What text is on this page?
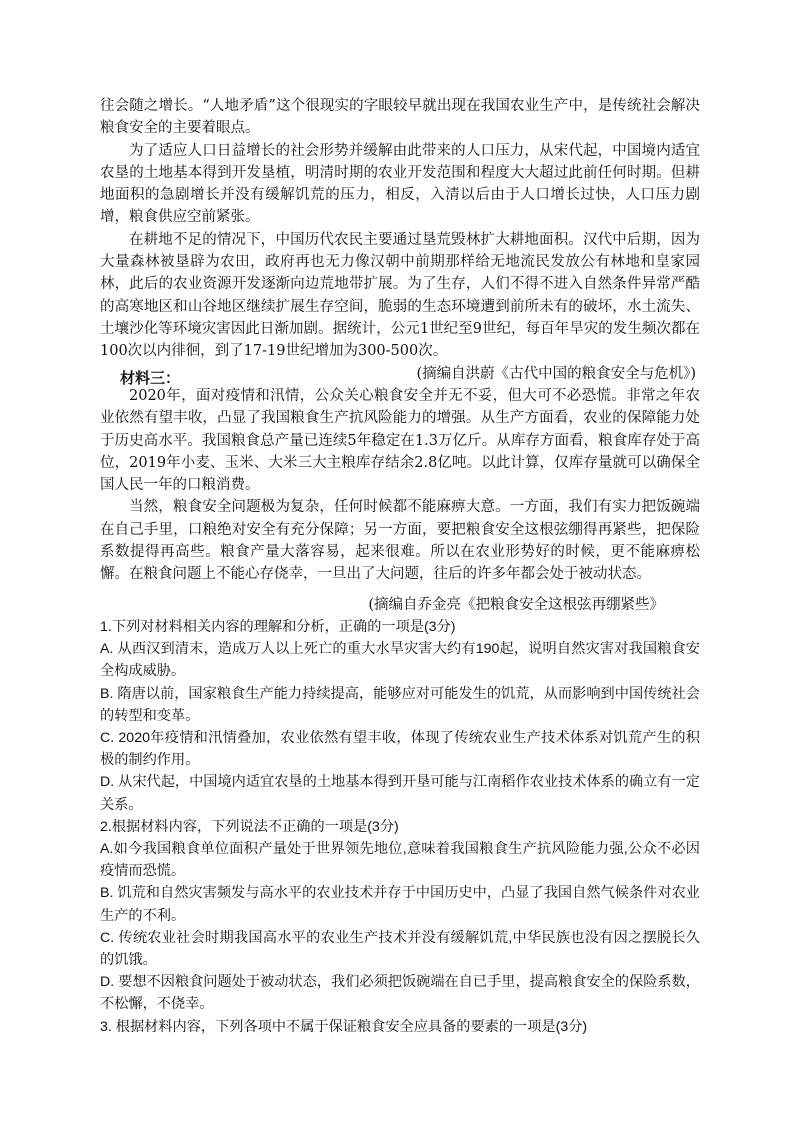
往会随之增长。“人地矛盾”这个很现实的字眼较早就出现在我国农业生产中，是传统社会解决粮食安全的主要着眼点。

为了适应人口日益增长的社会形势并缓解由此带来的人口压力，从宋代起，中国境内适宜农垦的土地基本得到开发垦植，明清时期的农业开发范围和程度大大超过此前任何时期。但耕地面积的急剧增长并没有缓解饥荒的压力，相反，入清以后由于人口增长过快，人口压力剧增，粮食供应空前紧张。

在耕地不足的情况下，中国历代农民主要通过垦荒毁林扩大耕地面积。汉代中后期，因为大量森林被垦辟为农田，政府再也无力像汉朝中前期那样给无地流民发放公有林地和皇家园林，此后的农业资源开发逐渐向边荒地带扩展。为了生存，人们不得不进入自然条件异常严酷的高寒地区和山谷地区继续扩展生存空间，脆弱的生态环境遭到前所未有的破坏，水土流失、土壤沙化等环境灾害因此日渐加剧。据统计，公元1世纪至9世纪，每百年旱灾的发生频次都在100次以内徘徊，到了17-19世纪增加为300-500次。

(摘编自洪蔚《古代中国的粮食安全与危机》)

材料三：

2020年，面对疫情和汛情，公众关心粮食安全并无不妥，但大可不必恐慌。非常之年农业依然有望丰收，凸显了我国粮食生产抗风险能力的增强。从生产方面看，农业的保障能力处于历史高水平。我国粮食总产量已连续5年稳定在1.3万亿斤。从库存方面看，粮食库存处于高位，2019年小麦、玉米、大米三大主粮库存结余2.8亿吨。以此计算，仅库存量就可以确保全国人民一年的口粮消费。

当然，粮食安全问题极为复杂，任何时候都不能麻痹大意。一方面，我们有实力把饭碗端在自己手里，口粮绝对安全有充分保障；另一方面，要把粮食安全这根弦绷得再紧些，把保险系数提得再高些。粮食产量大落容易，起来很难。所以在农业形势好的时候，更不能麻痹松懈。在粮食问题上不能心存侥幸，一旦出了大问题，往后的许多年都会处于被动状态。

(摘编自乔金亮《把粮食安全这根弦再绷紧些》

1.下列对材料相关内容的理解和分析，正确的一项是(3分)

A. 从西汉到清末，造成万人以上死亡的重大水旱灾害大约有190起，说明自然灾害对我国粮食安全构成威胁。

B. 隋唐以前，国家粮食生产能力持续提高，能够应对可能发生的饥荒，从而影响到中国传统社会的转型和变革。

C. 2020年疫情和汛情叠加，农业依然有望丰收，体现了传统农业生产技术体系对饥荒产生的积极的制约作用。

D. 从宋代起，中国境内适宜农垦的土地基本得到开垦可能与江南稻作农业技术体系的确立有一定关系。

2.根据材料内容，下列说法不正确的一项是(3分)

A.如今我国粮食单位面积产量处于世界领先地位,意味着我国粮食生产抗风险能力强,公众不必因疫情而恐慌。

B. 饥荒和自然灾害频发与高水平的农业技术并存于中国历史中，凸显了我国自然气候条件对农业生产的不利。

C. 传统农业社会时期我国高水平的农业生产技术并没有缓解饥荒,中华民族也没有因之摆脱长久的饥饿。

D. 要想不因粮食问题处于被动状态，我们必须把饭碗端在自已手里，提高粮食安全的保险系数，不松懈，不侥幸。

3. 根据材料内容，下列各项中不属于保证粮食安全应具备的要素的一项是(3分)
